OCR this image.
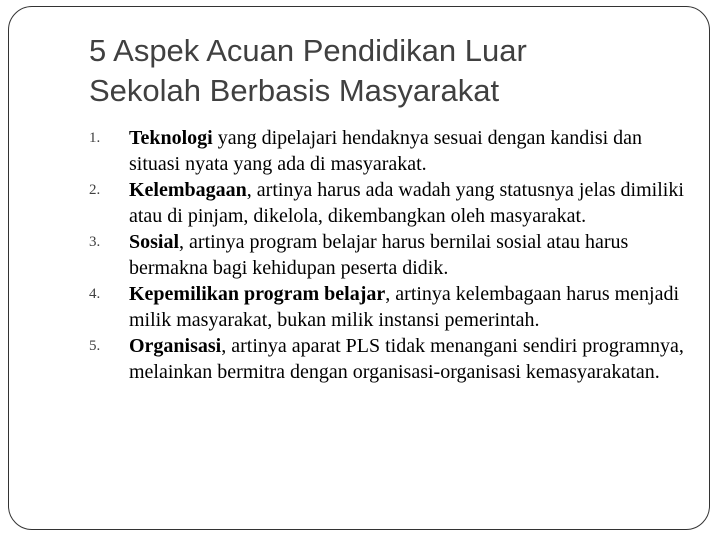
5 Aspek Acuan Pendidikan Luar
Sekolah Berbasis Masyarakat
1. Teknologi yang dipelajari hendaknya sesuai dengan kandisi dan situasi nyata yang ada di masyarakat.
2. Kelembagaan, artinya harus ada wadah yang statusnya jelas dimiliki atau di pinjam, dikelola, dikembangkan oleh masyarakat.
3. Sosial, artinya program belajar harus bernilai sosial atau harus bermakna bagi kehidupan peserta didik.
4. Kepemilikan program belajar, artinya kelembagaan harus menjadi milik masyarakat, bukan milik instansi pemerintah.
5. Organisasi, artinya aparat PLS tidak menangani sendiri programnya, melainkan bermitra dengan organisasi-organisasi kemasyarakatan.
